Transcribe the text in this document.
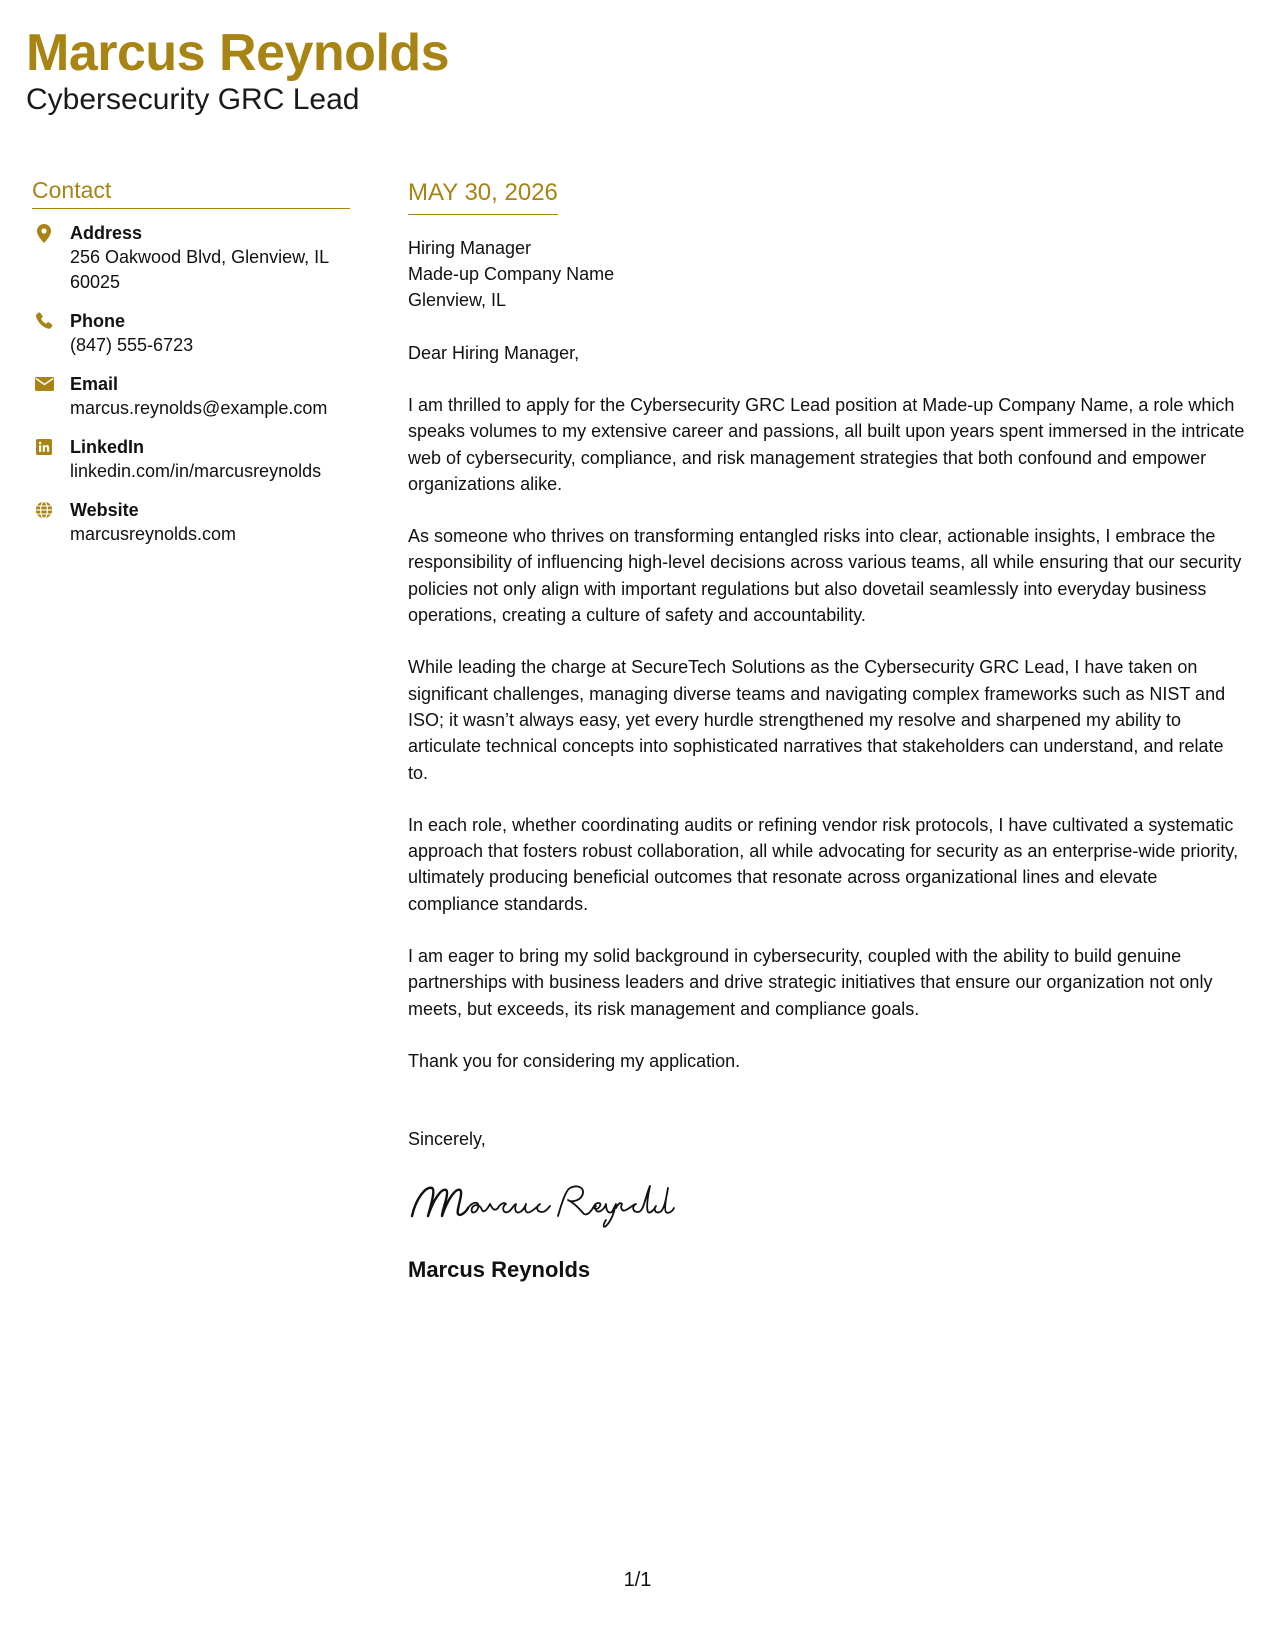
Marcus Reynolds
Cybersecurity GRC Lead
Contact
Address
256 Oakwood Blvd, Glenview, IL
60025
Phone
(847) 555-6723
Email
marcus.reynolds@example.com
LinkedIn
linkedin.com/in/marcusreynolds
Website
marcusreynolds.com
MAY 30, 2026
Hiring Manager
Made-up Company Name
Glenview, IL
Dear Hiring Manager,
I am thrilled to apply for the Cybersecurity GRC Lead position at Made-up Company Name, a role which speaks volumes to my extensive career and passions, all built upon years spent immersed in the intricate web of cybersecurity, compliance, and risk management strategies that both confound and empower organizations alike.
As someone who thrives on transforming entangled risks into clear, actionable insights, I embrace the responsibility of influencing high-level decisions across various teams, all while ensuring that our security policies not only align with important regulations but also dovetail seamlessly into everyday business operations, creating a culture of safety and accountability.
While leading the charge at SecureTech Solutions as the Cybersecurity GRC Lead, I have taken on significant challenges, managing diverse teams and navigating complex frameworks such as NIST and ISO; it wasn’t always easy, yet every hurdle strengthened my resolve and sharpened my ability to articulate technical concepts into sophisticated narratives that stakeholders can understand, and relate to.
In each role, whether coordinating audits or refining vendor risk protocols, I have cultivated a systematic approach that fosters robust collaboration, all while advocating for security as an enterprise-wide priority, ultimately producing beneficial outcomes that resonate across organizational lines and elevate compliance standards.
I am eager to bring my solid background in cybersecurity, coupled with the ability to build genuine partnerships with business leaders and drive strategic initiatives that ensure our organization not only meets, but exceeds, its risk management and compliance goals.
Thank you for considering my application.
Sincerely,
Marcus Reynolds
1/1
